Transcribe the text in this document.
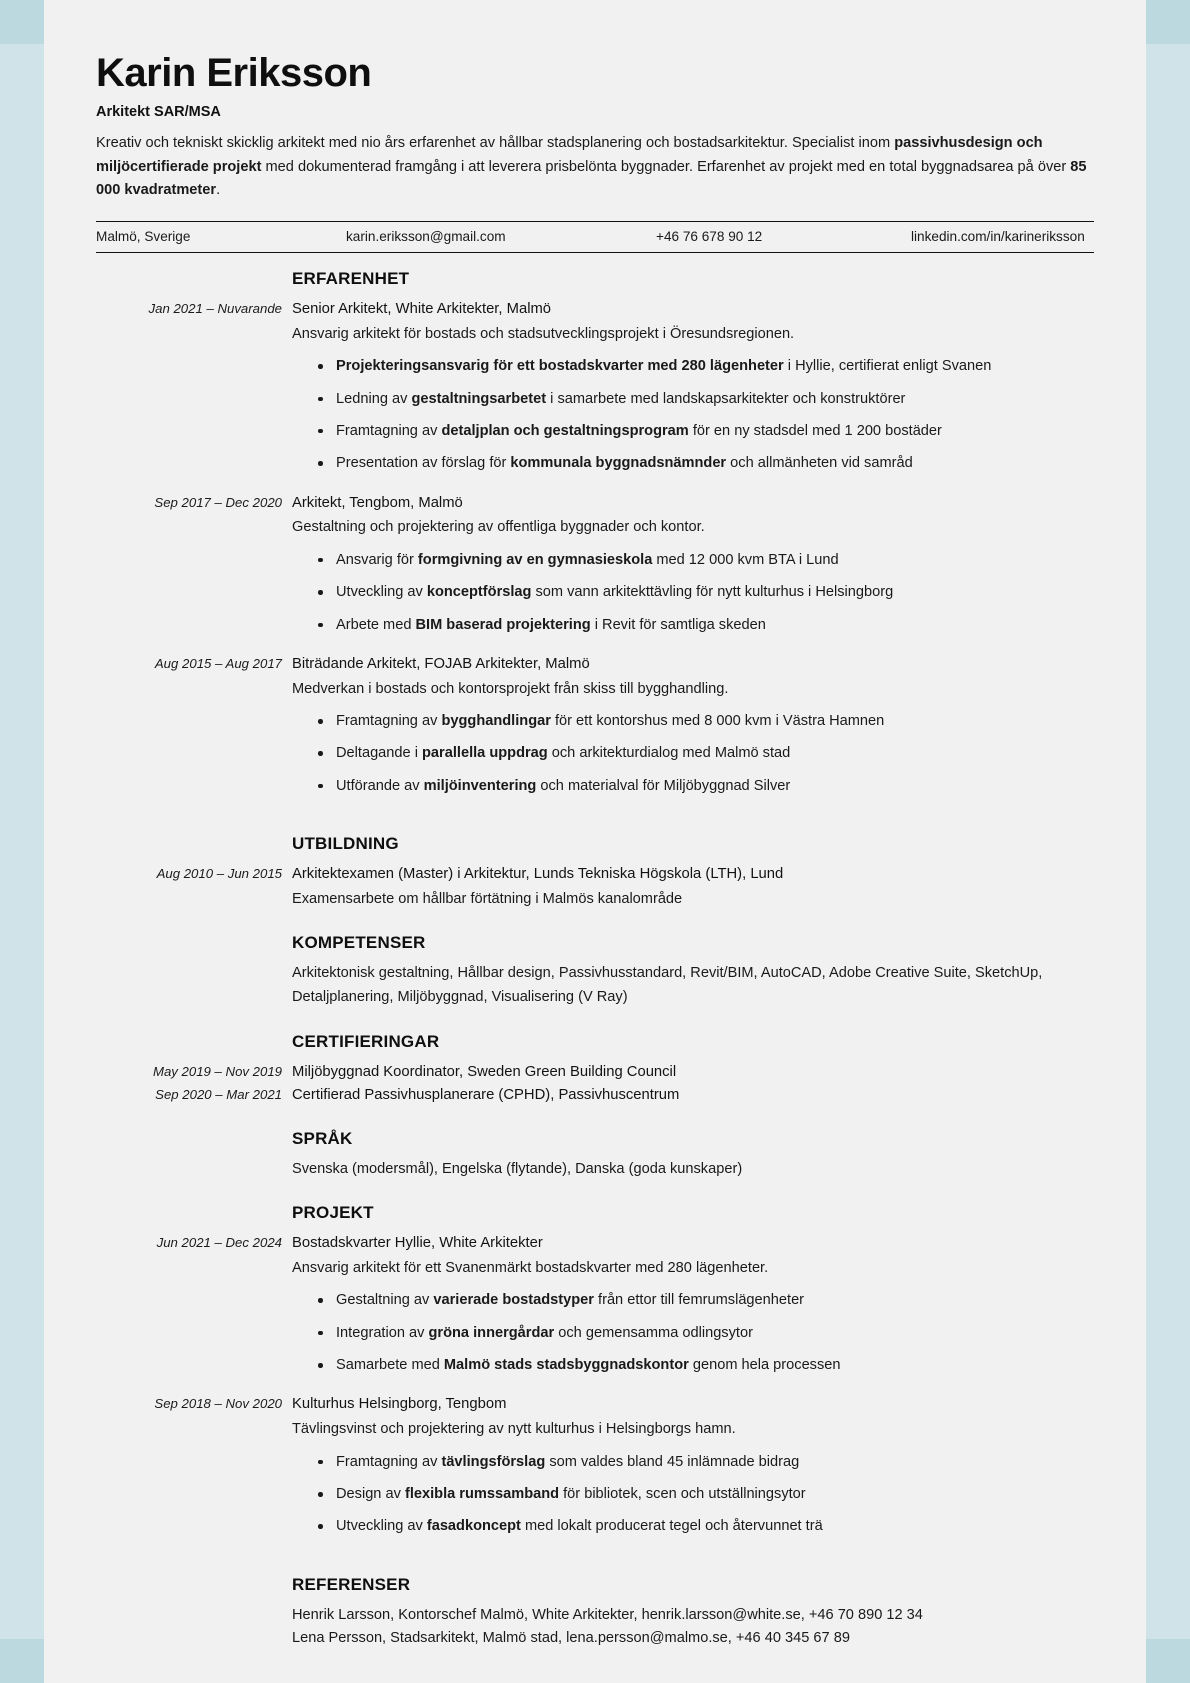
Karin Eriksson
Arkitekt SAR/MSA

Kreativ och tekniskt skicklig arkitekt med nio års erfarenhet av hållbar stadsplanering och bostadsarkitektur. Specialist inom passivhusdesign och miljöcertifierade projekt med dokumenterad framgång i att leverera prisbelönta byggnader. Erfarenhet av projekt med en total byggnadsarea på över 85 000 kvadratmeter.

Malmö, Sverige	karin.eriksson@gmail.com	+46 76 678 90 12	linkedin.com/in/karineriksson
ERFARENHET
Jan 2021 – Nuvarande Senior Arkitekt, White Arkitekter, Malmö
Ansvarig arkitekt för bostads och stadsutvecklingsprojekt i Öresundsregionen.
Projekteringsansvarig för ett bostadskvarter med 280 lägenheter i Hyllie, certifierat enligt Svanen
Ledning av gestaltningsarbetet i samarbete med landskapsarkitekter och konstruktörer
Framtagning av detaljplan och gestaltningsprogram för en ny stadsdel med 1 200 bostäder
Presentation av förslag för kommunala byggnadsnämnder och allmänheten vid samråd
Sep 2017 – Dec 2020 Arkitekt, Tengbom, Malmö
Gestaltning och projektering av offentliga byggnader och kontor.
Ansvarig för formgivning av en gymnasieskola med 12 000 kvm BTA i Lund
Utveckling av konceptförslag som vann arkitekttävling för nytt kulturhus i Helsingborg
Arbete med BIM baserad projektering i Revit för samtliga skeden
Aug 2015 – Aug 2017 Biträdande Arkitekt, FOJAB Arkitekter, Malmö
Medverkan i bostads och kontorsprojekt från skiss till bygghandling.
Framtagning av bygghandlingar för ett kontorshus med 8 000 kvm i Västra Hamnen
Deltagande i parallella uppdrag och arkitekturdialog med Malmö stad
Utförande av miljöinventering och materialval för Miljöbyggnad Silver
UTBILDNING
Aug 2010 – Jun 2015 Arkitektexamen (Master) i Arkitektur, Lunds Tekniska Högskola (LTH), Lund
Examensarbete om hållbar förtätning i Malmös kanalområde
KOMPETENSER
Arkitektonisk gestaltning, Hållbar design, Passivhusstandard, Revit/BIM, AutoCAD, Adobe Creative Suite, SketchUp, Detaljplanering, Miljöbyggnad, Visualisering (V Ray)
CERTIFIERINGAR
May 2019 – Nov 2019 Miljöbyggnad Koordinator, Sweden Green Building Council
Sep 2020 – Mar 2021 Certifierad Passivhusplanerare (CPHD), Passivhuscentrum
SPRÅK
Svenska (modersmål), Engelska (flytande), Danska (goda kunskaper)
PROJEKT
Jun 2021 – Dec 2024 Bostadskvarter Hyllie, White Arkitekter
Ansvarig arkitekt för ett Svanenmärkt bostadskvarter med 280 lägenheter.
Gestaltning av varierade bostadstyper från ettor till femrumslägenheter
Integration av gröna innergårdar och gemensamma odlingsytor
Samarbete med Malmö stads stadsbyggnadskontor genom hela processen
Sep 2018 – Nov 2020 Kulturhus Helsingborg, Tengbom
Tävlingsvinst och projektering av nytt kulturhus i Helsingborgs hamn.
Framtagning av tävlingsförslag som valdes bland 45 inlämnade bidrag
Design av flexibla rumssamband för bibliotek, scen och utställningsytor
Utveckling av fasadkoncept med lokalt producerat tegel och återvunnet trä
REFERENSER
Henrik Larsson, Kontorschef Malmö, White Arkitekter, henrik.larsson@white.se, +46 70 890 12 34
Lena Persson, Stadsarkitekt, Malmö stad, lena.persson@malmo.se, +46 40 345 67 89
